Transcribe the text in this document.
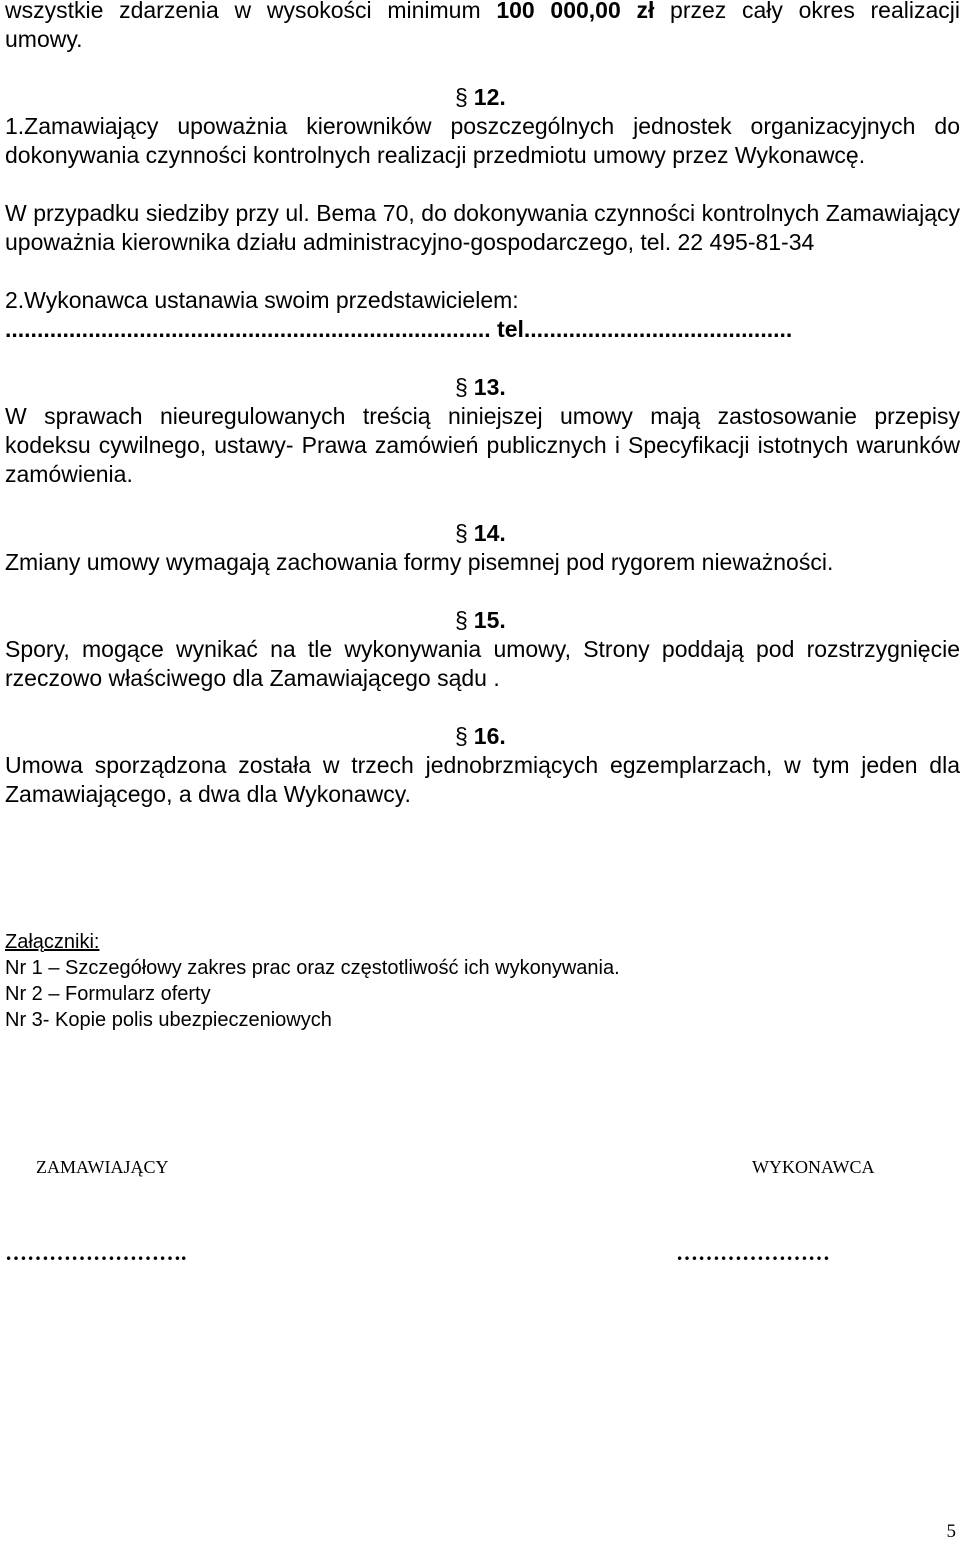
wszystkie zdarzenia w wysokości minimum 100 000,00 zł przez cały okres realizacji

umowy.

§ 12.

1.Zamawiający upoważnia kierowników poszczególnych jednostek organizacyjnych do dokonywania czynności kontrolnych realizacji przedmiotu umowy przez Wykonawcę.

W przypadku siedziby przy ul. Bema 70, do dokonywania czynności kontrolnych Zamawiający upoważnia kierownika działu administracyjno-gospodarczego, tel. 22 495-81-34

2.Wykonawca ustanawia swoim przedstawicielem:

............................................................................ tel..........................................

§ 13.

W sprawach nieuregulowanych treścią niniejszej umowy mają zastosowanie przepisy kodeksu cywilnego, ustawy- Prawa zamówień publicznych i Specyfikacji istotnych warunków zamówienia.

§ 14.

Zmiany umowy wymagają zachowania formy pisemnej pod rygorem nieważności.

§ 15.

Spory, mogące wynikać na tle wykonywania umowy, Strony poddają pod rozstrzygnięcie rzeczowo właściwego dla Zamawiającego sądu .

§ 16.

Umowa sporządzona została w trzech jednobrzmiących egzemplarzach, w tym jeden dla Zamawiającego, a dwa dla Wykonawcy.

Załączniki:
Nr 1 – Szczegółowy zakres prac oraz częstotliwość ich wykonywania.
Nr 2 – Formularz oferty
Nr 3- Kopie polis ubezpieczeniowych
ZAMAWIAJĄCY	WYKONAWCA
…………………….	…………………
5
